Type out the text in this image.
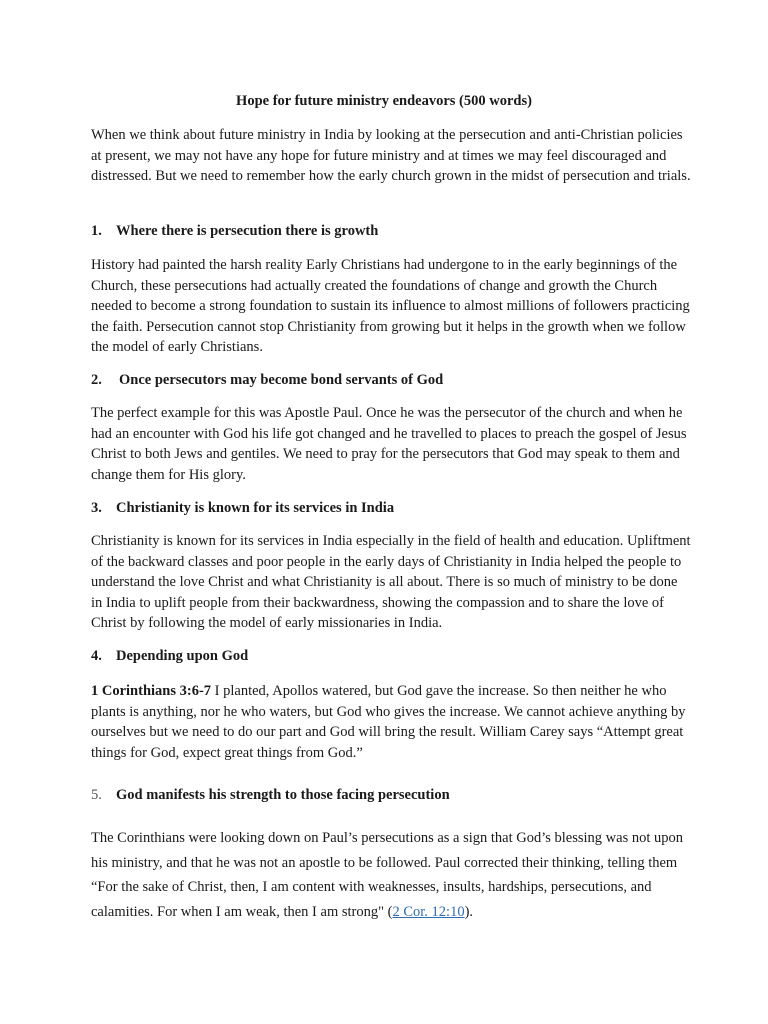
Hope for future ministry endeavors (500 words)

When we think about future ministry in India by looking at the persecution and anti-Christian policies at present, we may not have any hope for future ministry and at times we may feel discouraged and distressed. But we need to remember how the early church grown in the midst of persecution and trials.

1. Where there is persecution there is growth

History had painted the harsh reality Early Christians had undergone to in the early beginnings of the Church, these persecutions had actually created the foundations of change and growth the Church needed to become a strong foundation to sustain its influence to almost millions of followers practicing the faith. Persecution cannot stop Christianity from growing but it helps in the growth when we follow the model of early Christians.

2. Once persecutors may become bond servants of God

The perfect example for this was Apostle Paul. Once he was the persecutor of the church and when he had an encounter with God his life got changed and he travelled to places to preach the gospel of Jesus Christ to both Jews and gentiles. We need to pray for the persecutors that God may speak to them and change them for His glory.

3. Christianity is known for its services in India

Christianity is known for its services in India especially in the field of health and education. Upliftment of the backward classes and poor people in the early days of Christianity in India helped the people to understand the love Christ and what Christianity is all about. There is so much of ministry to be done in India to uplift people from their backwardness, showing the compassion and to share the love of Christ by following the model of early missionaries in India.

4. Depending upon God

1 Corinthians 3:6-7 I planted, Apollos watered, but God gave the increase. So then neither he who plants is anything, nor he who waters, but God who gives the increase. We cannot achieve anything by ourselves but we need to do our part and God will bring the result. William Carey says “Attempt great things for God, expect great things from God.”

5. God manifests his strength to those facing persecution

The Corinthians were looking down on Paul’s persecutions as a sign that God’s blessing was not upon his ministry, and that he was not an apostle to be followed. Paul corrected their thinking, telling them “For the sake of Christ, then, I am content with weaknesses, insults, hardships, persecutions, and calamities. For when I am weak, then I am strong" (2 Cor. 12:10).
